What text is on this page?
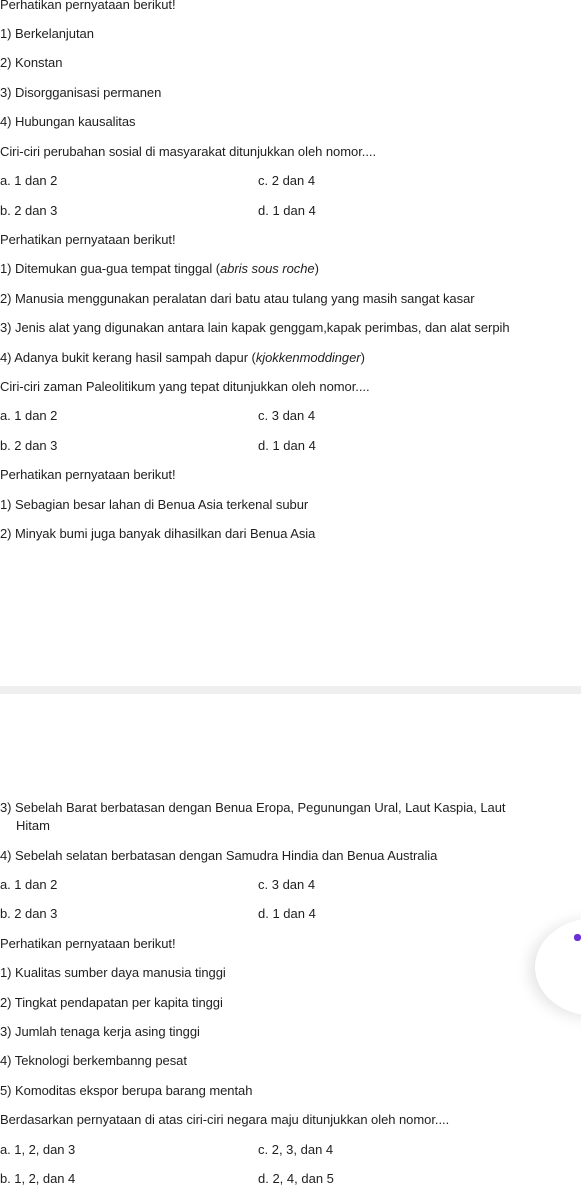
Perhatikan pernyataan berikut!
1) Berkelanjutan
2) Konstan
3) Disorgganisasi permanen
4) Hubungan kausalitas
Ciri-ciri perubahan sosial di masyarakat ditunjukkan oleh nomor....
a. 1 dan 2	c. 2 dan 4
b. 2 dan 3	d. 1 dan 4
Perhatikan pernyataan berikut!
1) Ditemukan gua-gua tempat tinggal (abris sous roche)
2) Manusia menggunakan peralatan dari batu atau tulang yang masih sangat kasar
3) Jenis alat yang digunakan antara lain kapak genggam,kapak perimbas, dan alat serpih
4) Adanya bukit kerang hasil sampah dapur (kjokkenmoddinger)
Ciri-ciri zaman Paleolitikum yang tepat ditunjukkan oleh nomor....
a. 1 dan 2	c. 3 dan 4
b. 2 dan 3	d. 1 dan 4
Perhatikan pernyataan berikut!
1) Sebagian besar lahan di Benua Asia terkenal subur
2) Minyak bumi juga banyak dihasilkan dari Benua Asia
3) Sebelah Barat berbatasan dengan Benua Eropa, Pegunungan Ural, Laut Kaspia, Laut
Hitam
4) Sebelah selatan berbatasan dengan Samudra Hindia dan Benua Australia
a. 1 dan 2	c. 3 dan 4
b. 2 dan 3	d. 1 dan 4
Perhatikan pernyataan berikut!
1) Kualitas sumber daya manusia tinggi
2) Tingkat pendapatan per kapita tinggi
3) Jumlah tenaga kerja asing tinggi
4) Teknologi berkembanng pesat
5) Komoditas ekspor berupa barang mentah
Berdasarkan pernyataan di atas ciri-ciri negara maju ditunjukkan oleh nomor....
a. 1, 2, dan 3	c. 2, 3, dan 4
b. 1, 2, dan 4	d. 2, 4, dan 5
